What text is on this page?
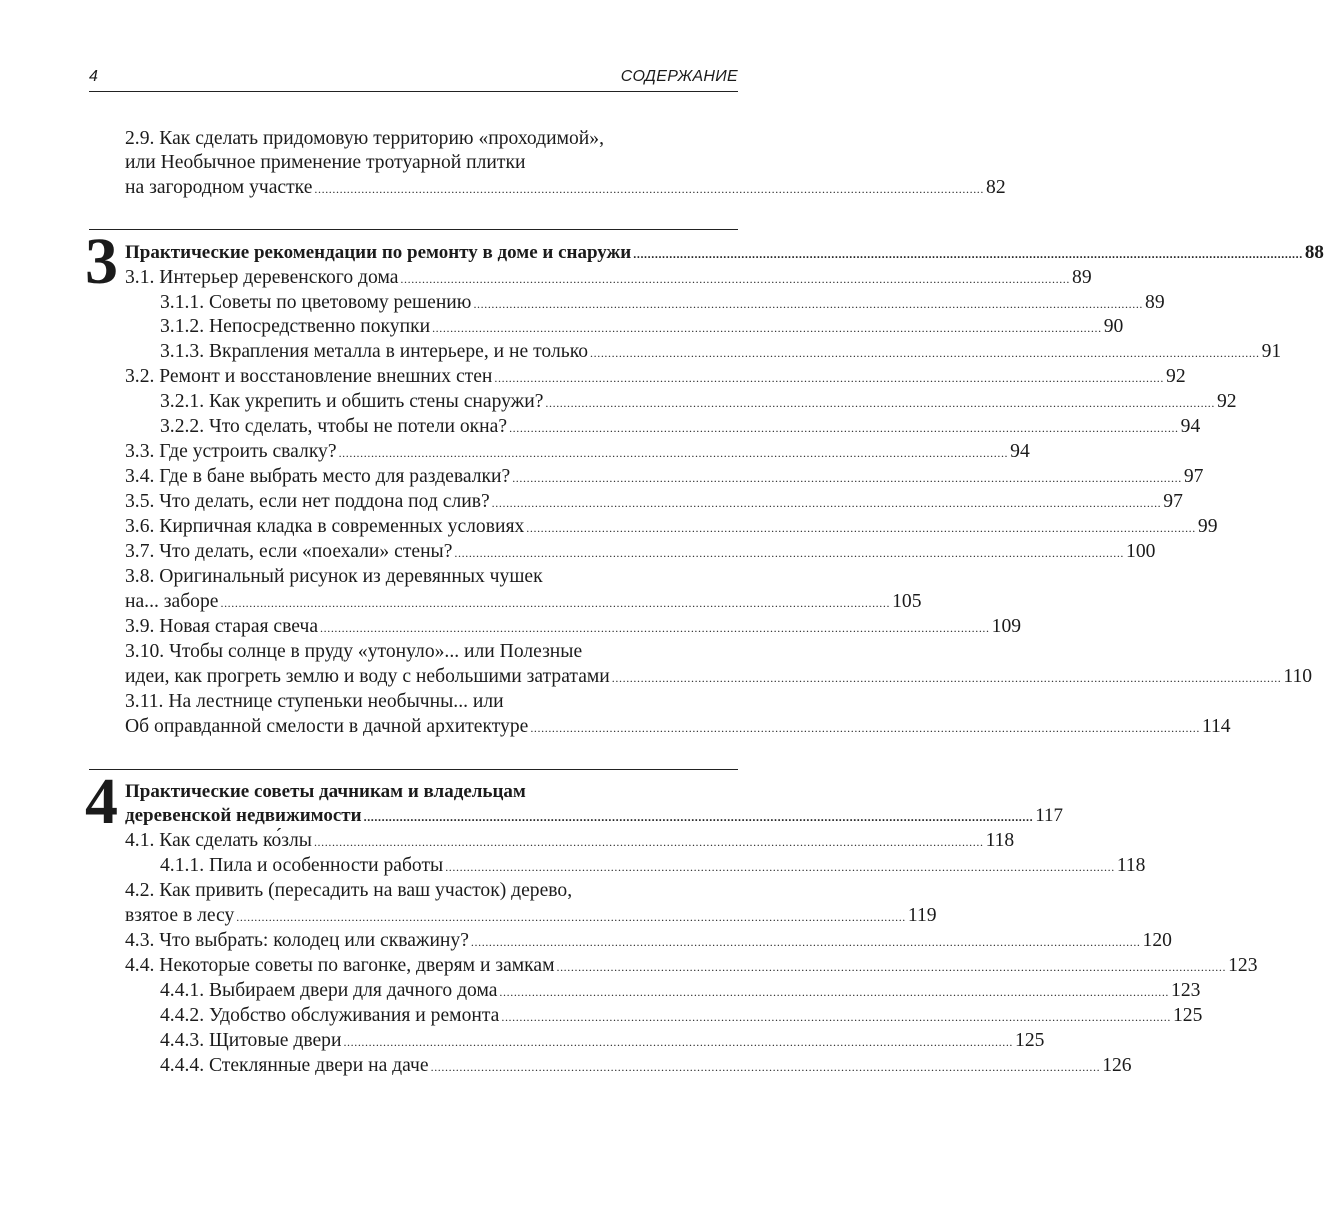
4	СОДЕРЖАНИЕ
2.9. Как сделать придомовую территорию «проходимой»,
или Необычное применение тротуарной плитки
на загородном участке .......................................................................................................................................................................................... 82
3 Практические рекомендации по ремонту в доме и снаружи .......................................................................................................................................................................................... 88
3.1. Интерьер деревенского дома .......................................................................................................................................................................................... 89
3.1.1. Советы по цветовому решению .......................................................................................................................................................................................... 89
3.1.2. Непосредственно покупки .......................................................................................................................................................................................... 90
3.1.3. Вкрапления металла в интерьере, и не только .......................................................................................................................................................................................... 91
3.2. Ремонт и восстановление внешних стен .......................................................................................................................................................................................... 92
3.2.1. Как укрепить и обшить стены снаружи? .......................................................................................................................................................................................... 92
3.2.2. Что сделать, чтобы не потели окна? .......................................................................................................................................................................................... 94
3.3. Где устроить свалку? .......................................................................................................................................................................................... 94
3.4. Где в бане выбрать место для раздевалки? .......................................................................................................................................................................................... 97
3.5. Что делать, если нет поддона под слив? .......................................................................................................................................................................................... 97
3.6. Кирпичная кладка в современных условиях .......................................................................................................................................................................................... 99
3.7. Что делать, если «поехали» стены? .......................................................................................................................................................................................... 100
3.8. Оригинальный рисунок из деревянных чушек
на... заборе .......................................................................................................................................................................................... 105
3.9. Новая старая свеча .......................................................................................................................................................................................... 109
3.10. Чтобы солнце в пруду «утонуло»... или Полезные
идеи, как прогреть землю и воду с небольшими затратами .......................................................................................................................................................................................... 110
3.11. На лестнице ступеньки необычны... или
Об оправданной смелости в дачной архитектуре .......................................................................................................................................................................................... 114
4 Практические советы дачникам и владельцам
деревенской недвижимости .......................................................................................................................................................................................... 117
4.1. Как сделать ко́злы .......................................................................................................................................................................................... 118
4.1.1. Пила и особенности работы .......................................................................................................................................................................................... 118
4.2. Как привить (пересадить на ваш участок) дерево,
взятое в лесу .......................................................................................................................................................................................... 119
4.3. Что выбрать: колодец или скважину? .......................................................................................................................................................................................... 120
4.4. Некоторые советы по вагонке, дверям и замкам .......................................................................................................................................................................................... 123
4.4.1. Выбираем двери для дачного дома .......................................................................................................................................................................................... 123
4.4.2. Удобство обслуживания и ремонта .......................................................................................................................................................................................... 125
4.4.3. Щитовые двери .......................................................................................................................................................................................... 125
4.4.4. Стеклянные двери на даче .......................................................................................................................................................................................... 126
